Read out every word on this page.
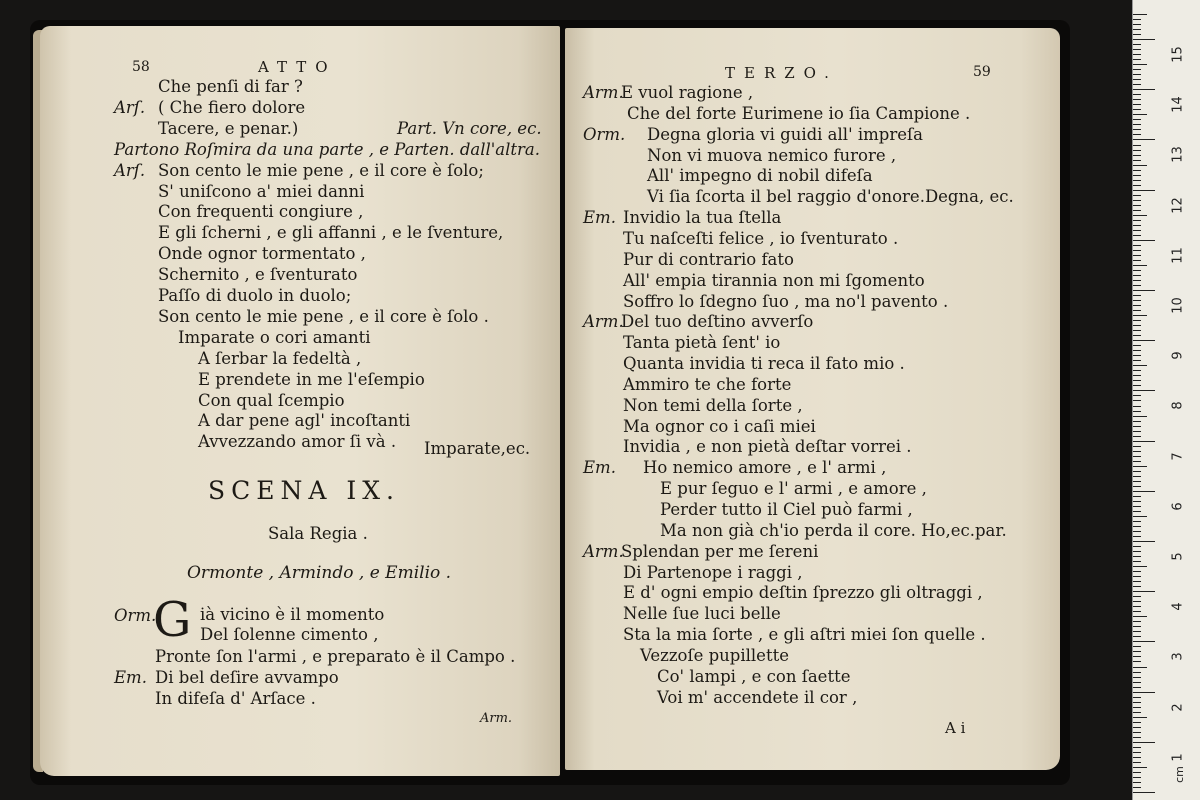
58	ATTO
Che penſi di far ?
Arſ. ( Che fiero dolore
Tacere, e penar.)
Partono Roſmira da una parte , e Parten. dall'altra.
Arſ. Son cento le mie pene , e il core è ſolo;
S' uniſcono a' miei danni
Con frequenti congiure ,
E gli ſcherni , e gli affanni , e le ſventure,
Onde ognor tormentato ,
Schernito , e ſventurato
Paſſo di duolo in duolo;
Son cento le mie pene , e il core è ſolo .
Imparate o cori amanti
A ſerbar la fedeltà ,
E prendete in me l'eſempio
Con qual ſcempio
A dar pene agl' incoſtanti
Avvezzando amor ſi và .
Part. Vn core, ec.
Imparate,ec.
SCENA IX.
Sala Regia .
Ormonte , Armindo , e Emilio .
Orm.
G ià vicino è il momento
Del ſolenne cimento ,
Pronte ſon l'armi , e preparato è il Campo .
Em. Di bel deſire avvampo
In difeſa d' Arſace .
Arm.
TERZO.	59
Arm.
E vuol ragione ,
Che del forte Eurimene io ſia Campione .
Orm. Degna gloria vi guidi all' impreſa
Non vi muova nemico furore ,
All' impegno di nobil difeſa
Vi ſia ſcorta il bel raggio d'onore.Degna, ec.
Em. Invidio la tua ſtella
Tu naſceſti felice , io ſventurato .
Pur di contrario fato
All' empia tirannia non mi ſgomento
Soffro lo ſdegno ſuo , ma no'l pavento .
Arm.
Del tuo deſtino avverſo
Tanta pietà ſent' io
Quanta invidia ti reca il fato mio .
Ammiro te che forte
Non temi della ſorte ,
Ma ognor co i caſi miei
Invidia , e non pietà deſtar vorrei .
Em. Ho nemico amore , e l' armi ,
E pur ſeguo e l' armi , e amore ,
Perder tutto il Ciel può farmi ,
Ma non già ch'io perda il core. Ho,ec.par.
Arm.
Splendan per me ſereni
Di Partenope i raggi ,
E d' ogni empio deſtin ſprezzo gli oltraggi ,
Nelle ſue luci belle
Sta la mia ſorte , e gli aſtri miei ſon quelle .
Vezzoſe pupillette
Co' lampi , e con ſaette
Voi m' accendete il cor ,
A i
15
14
13
12
11
10
9
8
7
6
5
4
3
2
1
cm
